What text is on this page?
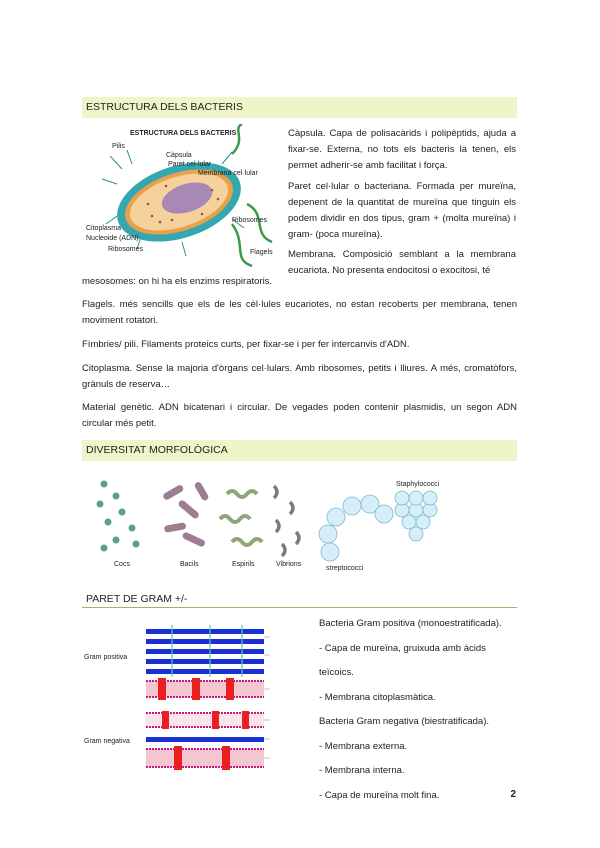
ESTRUCTURA DELS BACTERIS
ESTRUCTURA DELS BACTERIS
Pilis
Càpsula
Paret cel·lular
Membrana cel·lular
Ribosomes
Flagels
Citoplasma
Nucleoide (ADN)
Ribosomes
Càpsula. Capa de polisacàrids i polipèptids, ajuda a fixar-se. Externa, no tots els bacteris la tenen, els permet adherir-se amb facilitat i força.
Paret cel·lular o bacteriana. Formada per mureïna, depenent de la quantitat de mureïna que tinguin els podem dividir en dos tipus, gram + (molta mureïna) i gram- (poca mureïna).
Membrana. Composició semblant a la membrana eucariota. No presenta endocitosi o exocitosi, té
mesosomes: on hi ha els enzims respiratoris.
Flagels. més sencills que els de les cèl·lules eucariotes, no estan recoberts per membrana, tenen moviment rotatori.
Fímbries/ pili. Filaments proteics curts, per fixar-se i per fer intercanvis d'ADN.
Citoplasma. Sense la majoria d'òrgans cel·lulars. Amb ribosomes, petits i lliures. A més, cromatòfors, grànuls de reserva…
Material genètic. ADN bicatenari i circular. De vegades poden contenir plasmidis, un segon ADN circular més petit.
DIVERSITAT MORFOLÒGICA
Cocs	Bacils	Espirils	Vibrions
streptococci
Staphylococci
PARET DE GRAM +/-
Gram positiva
Gram negativa
Bacteria Gram positiva (monoestratificada).
- Capa de mureïna, gruixuda amb àcids teïcoics.
- Membrana citoplasmàtica.
Bacteria Gram negativa (biestratificada).
- Membrana externa.
- Membrana interna.
- Capa de mureïna molt fina.	2
